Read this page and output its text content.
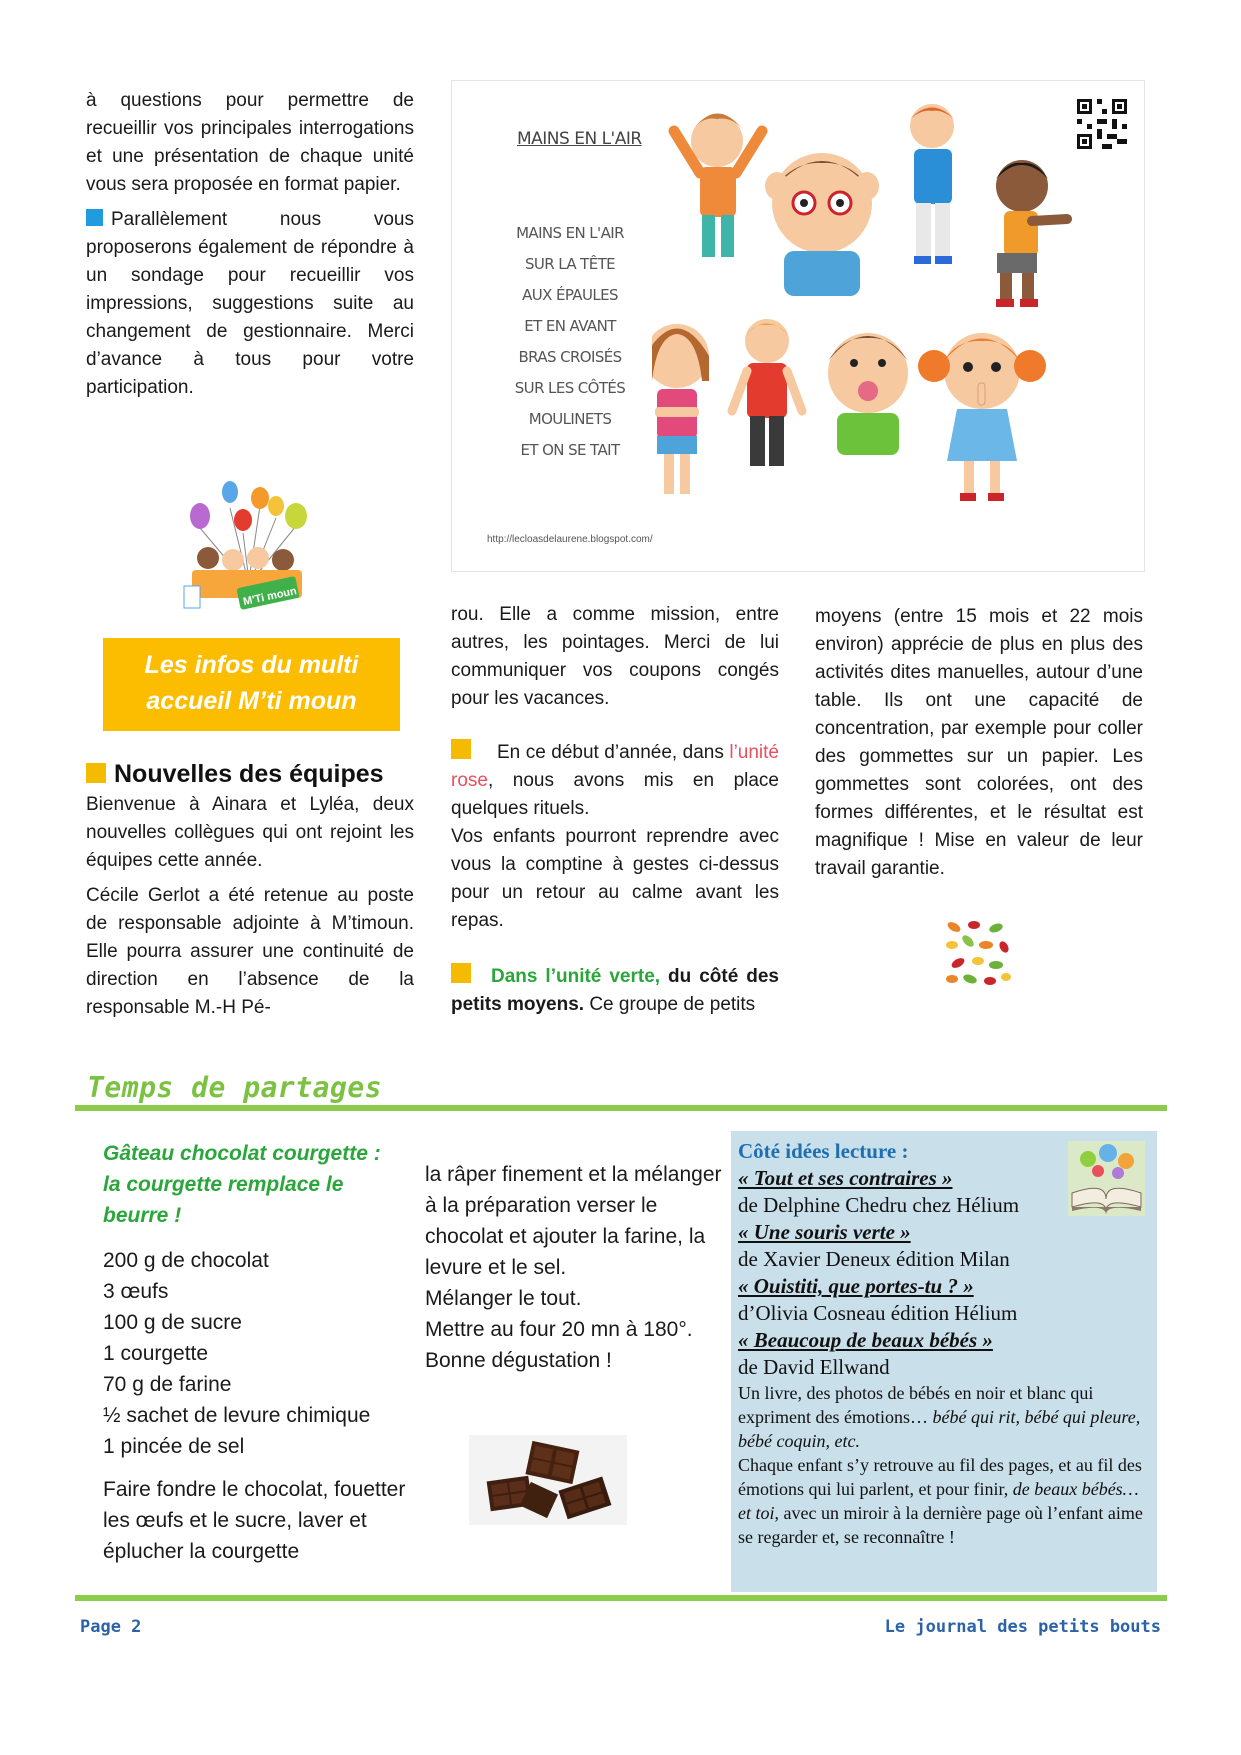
à questions pour permettre de recueillir vos principales interrogations et une présentation de chaque unité vous sera proposée en format papier.

Parallèlement nous vous proposerons également de répondre à un sondage pour recueillir vos impressions, suggestions suite au changement de gestionnaire. Merci d’avance à tous pour votre participation.

MAINS EN L'AIR
MAINS EN L'AIR
SUR LA TÊTE
AUX ÉPAULES
ET EN AVANT
BRAS CROISÉS
SUR LES CÔTÉS
MOULINETS
ET ON SE TAIT
http://lecloasdelaurene.blogspot.com/
M'Ti moun
Les infos du multi
accueil M’ti moun
Nouvelles des équipes

Bienvenue à Ainara et Lyléa, deux nouvelles collègues qui ont rejoint les équipes cette année.

Cécile Gerlot a été retenue au poste de responsable adjointe à M’timoun. Elle pourra assurer une continuité de direction en l’absence de la responsable M.-H Pé-

rou. Elle a comme mission, entre autres, les pointages. Merci de lui communiquer vos coupons congés pour les vacances.

En ce début d’année, dans l’unité rose, nous avons mis en place quelques rituels.

Vos enfants pourront reprendre avec vous la comptine à gestes ci-dessus pour un retour au calme avant les repas.

Dans l’unité verte, du côté des petits moyens. Ce groupe de petits

moyens (entre 15 mois et 22 mois environ) apprécie de plus en plus des activités dites manuelles, autour d’une table. Ils ont une capacité de concentration, par exemple pour coller des gommettes sur un papier. Les gommettes sont colorées, ont des formes différentes, et le résultat est magnifique ! Mise en valeur de leur travail garantie.

Temps de partages
Gâteau chocolat courgette : la courgette remplace le beurre !
200 g de chocolat
3 œufs
100 g de sucre
1 courgette
70 g de farine
½ sachet de levure chimique
1 pincée de sel
Faire fondre le chocolat, fouetter les œufs et le sucre, laver et éplucher la courgette
la râper finement et la mélanger à la préparation verser le chocolat et ajouter la farine, la levure et le sel.
Mélanger le tout.
Mettre au four 20 mn à 180°.
Bonne dégustation !
Côté idées lecture :
« Tout et ses contraires »
de Delphine Chedru chez Hélium
« Une souris verte »
de Xavier Deneux édition Milan
« Ouistiti, que portes-tu ? »
d’Olivia Cosneau édition Hélium
« Beaucoup de beaux bébés »
de David Ellwand
Un livre, des photos de bébés en noir et blanc qui expriment des émotions… bébé qui rit, bébé qui pleure, bébé coquin, etc.
Chaque enfant s’y retrouve au fil des pages, et au fil des émotions qui lui parlent, et pour finir, de beaux bébés…et toi, avec un miroir à la dernière page où l’enfant aime se regarder et, se reconnaître !
Page 2	Le journal des petits bouts
